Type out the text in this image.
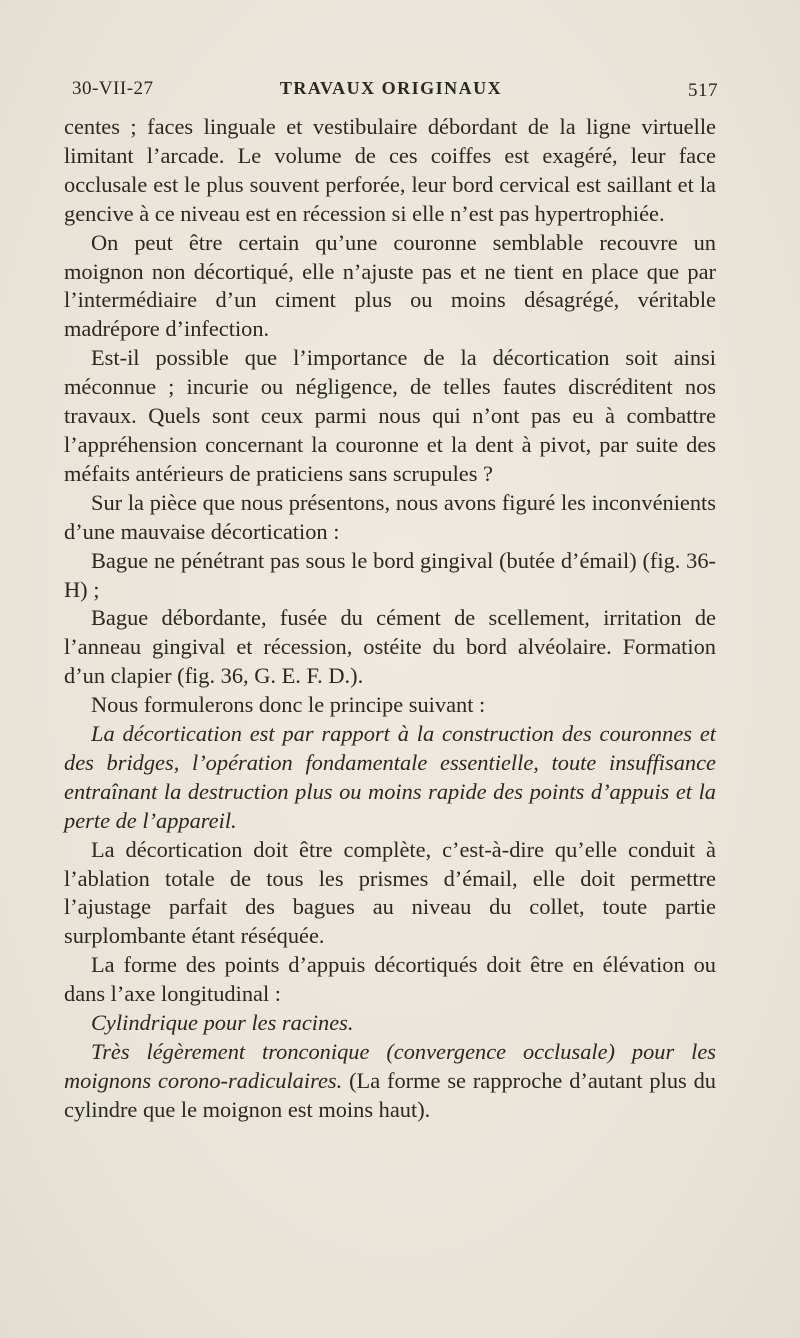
30-VII-27	TRAVAUX ORIGINAUX	517

centes ; faces linguale et vestibulaire débordant de la ligne virtuelle limitant l’arcade. Le volume de ces coiffes est exagéré, leur face occlusale est le plus souvent perforée, leur bord cervical est saillant et la gencive à ce niveau est en récession si elle n’est pas hypertrophiée.

On peut être certain qu’une couronne semblable recouvre un moignon non décortiqué, elle n’ajuste pas et ne tient en place que par l’intermédiaire d’un ciment plus ou moins désagrégé, véritable madrépore d’infection.

Est-il possible que l’importance de la décortication soit ainsi méconnue ; incurie ou négligence, de telles fautes discréditent nos travaux. Quels sont ceux parmi nous qui n’ont pas eu à combattre l’appréhension concernant la couronne et la dent à pivot, par suite des méfaits antérieurs de praticiens sans scrupules ?

Sur la pièce que nous présentons, nous avons figuré les inconvénients d’une mauvaise décortication :

Bague ne pénétrant pas sous le bord gingival (butée d’émail) (fig. 36-H) ;

Bague débordante, fusée du cément de scellement, irritation de l’anneau gingival et récession, ostéite du bord alvéolaire. Formation d’un clapier (fig. 36, G. E. F. D.).

Nous formulerons donc le principe suivant :

La décortication est par rapport à la construction des couronnes et des bridges, l’opération fondamentale essentielle, toute insuffisance entraînant la destruction plus ou moins rapide des points d’appuis et la perte de l’appareil.

La décortication doit être complète, c’est-à-dire qu’elle conduit à l’ablation totale de tous les prismes d’émail, elle doit permettre l’ajustage parfait des bagues au niveau du collet, toute partie surplombante étant réséquée.

La forme des points d’appuis décortiqués doit être en élévation ou dans l’axe longitudinal :

Cylindrique pour les racines.

Très légèrement tronconique (convergence occlusale) pour les moignons corono-radiculaires. (La forme se rapproche d’autant plus du cylindre que le moignon est moins haut).
